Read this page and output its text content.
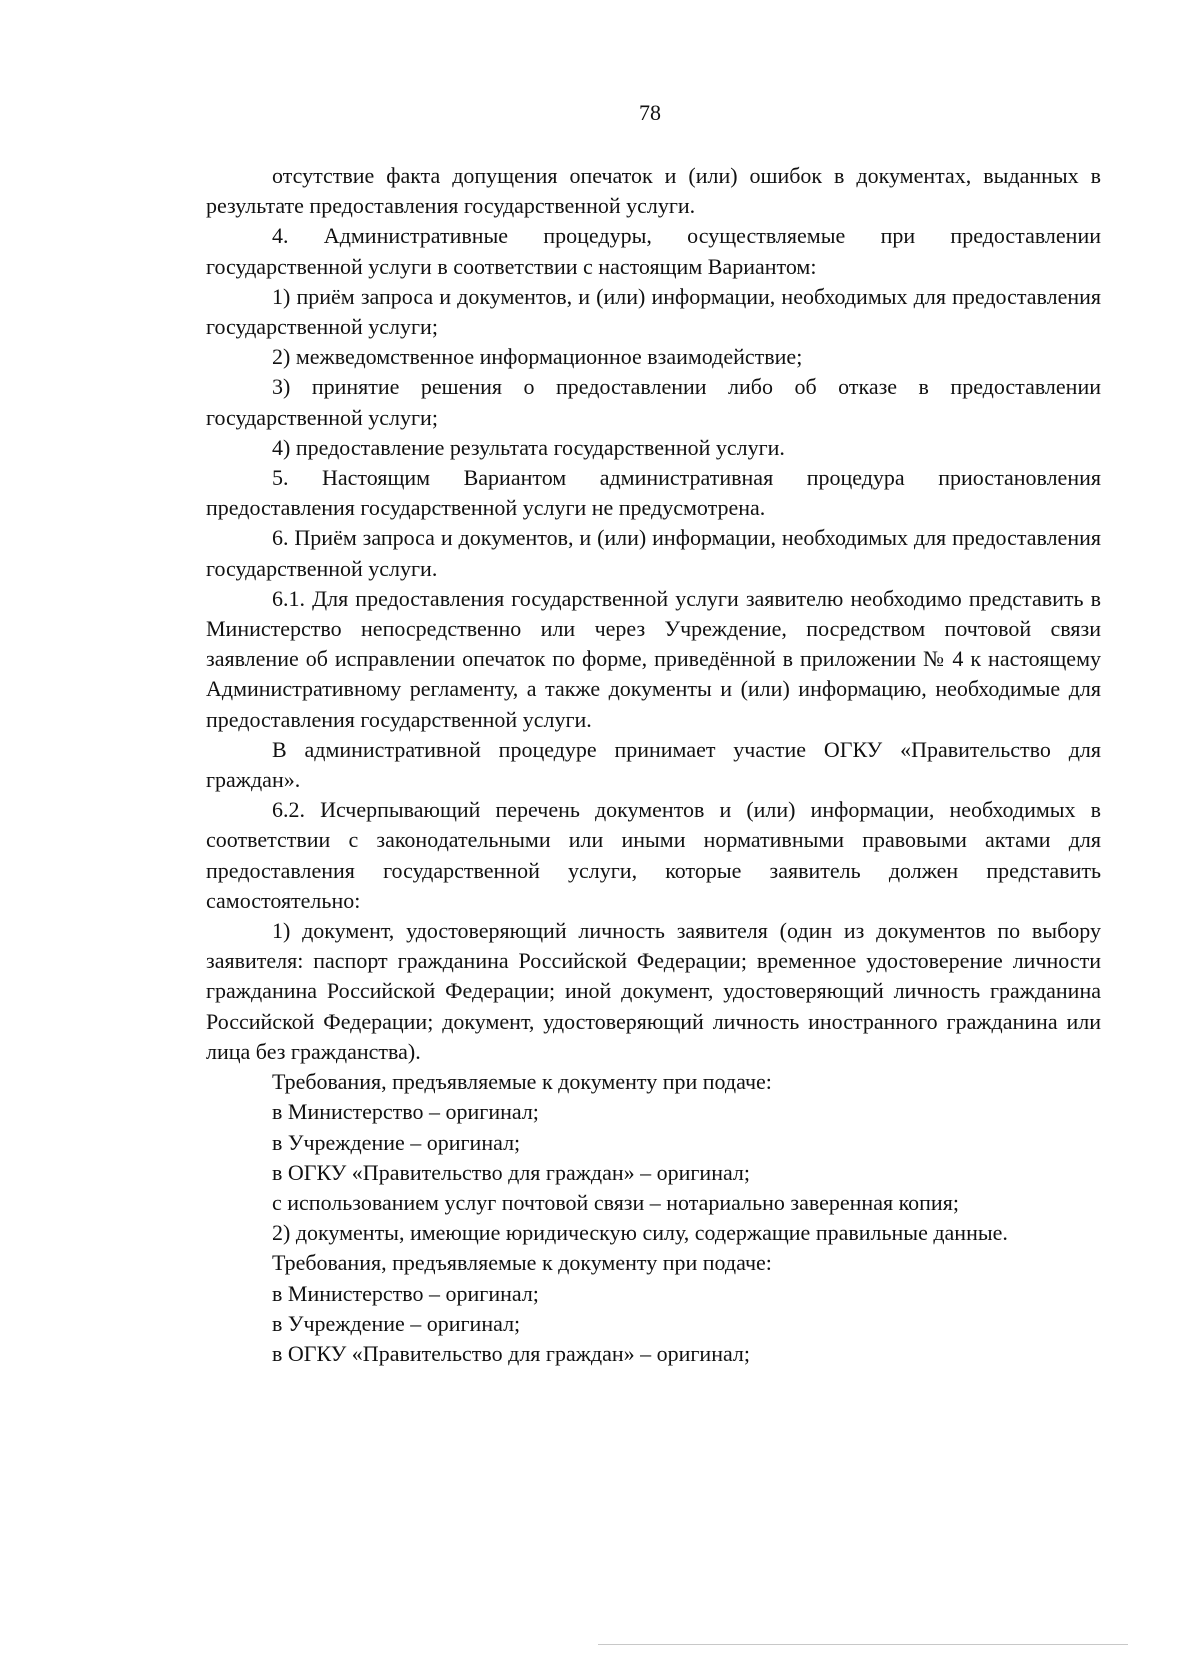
78

отсутствие факта допущения опечаток и (или) ошибок в документах, выданных в результате предоставления государственной услуги.

4. Административные процедуры, осуществляемые при предоставлении государственной услуги в соответствии с настоящим Вариантом:

1) приём запроса и документов, и (или) информации, необходимых для предоставления государственной услуги;

2) межведомственное информационное взаимодействие;

3) принятие решения о предоставлении либо об отказе в предоставлении государственной услуги;

4) предоставление результата государственной услуги.

5. Настоящим Вариантом административная процедура приостановления предоставления государственной услуги не предусмотрена.

6. Приём запроса и документов, и (или) информации, необходимых для предоставления государственной услуги.

6.1. Для предоставления государственной услуги заявителю необходимо представить в Министерство непосредственно или через Учреждение, посредством почтовой связи заявление об исправлении опечаток по форме, приведённой в приложении № 4 к настоящему Административному регламенту, а также документы и (или) информацию, необходимые для предоставления государственной услуги.

В административной процедуре принимает участие ОГКУ «Правительство для граждан».

6.2. Исчерпывающий перечень документов и (или) информации, необходимых в соответствии с законодательными или иными нормативными правовыми актами для предоставления государственной услуги, которые заявитель должен представить самостоятельно:

1) документ, удостоверяющий личность заявителя (один из документов по выбору заявителя: паспорт гражданина Российской Федерации; временное удостоверение личности гражданина Российской Федерации; иной документ, удостоверяющий личность гражданина Российской Федерации; документ, удостоверяющий личность иностранного гражданина или лица без гражданства).

Требования, предъявляемые к документу при подаче:

в Министерство – оригинал;

в Учреждение – оригинал;

в ОГКУ «Правительство для граждан» – оригинал;

с использованием услуг почтовой связи – нотариально заверенная копия;

2) документы, имеющие юридическую силу, содержащие правильные данные.

Требования, предъявляемые к документу при подаче:

в Министерство – оригинал;

в Учреждение – оригинал;

в ОГКУ «Правительство для граждан» – оригинал;
